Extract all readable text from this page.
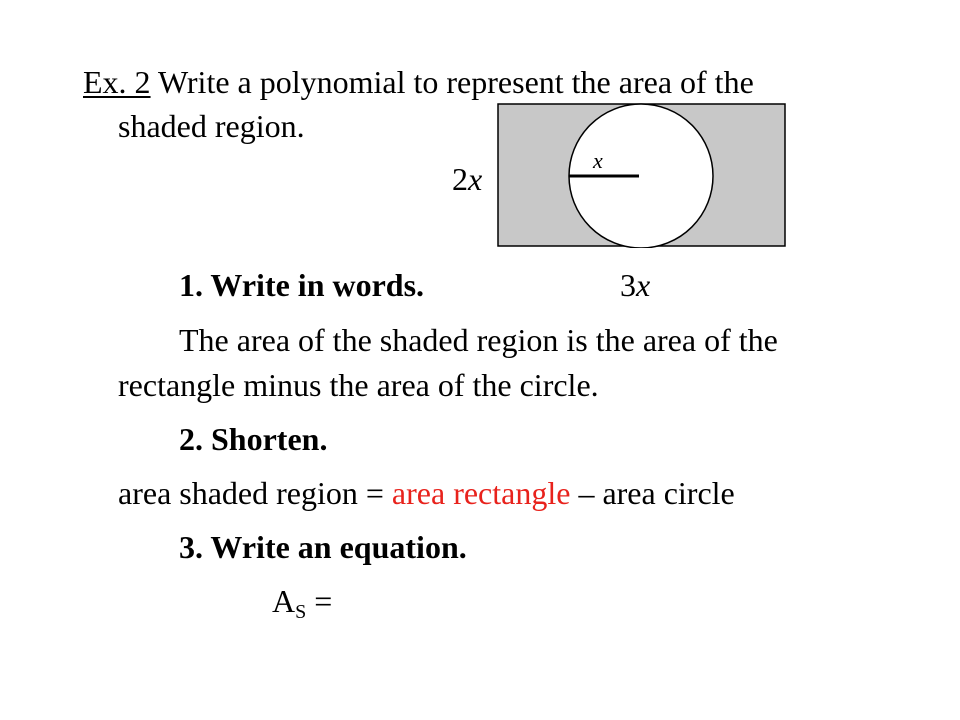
Ex. 2 Write a polynomial to represent the area of the
shaded region.
2x
x
1. Write in words.	3x
The area of the shaded region is the area of the
rectangle minus the area of the circle.
2. Shorten.
area shaded region = area rectangle – area circle
3. Write an equation.
AS =
